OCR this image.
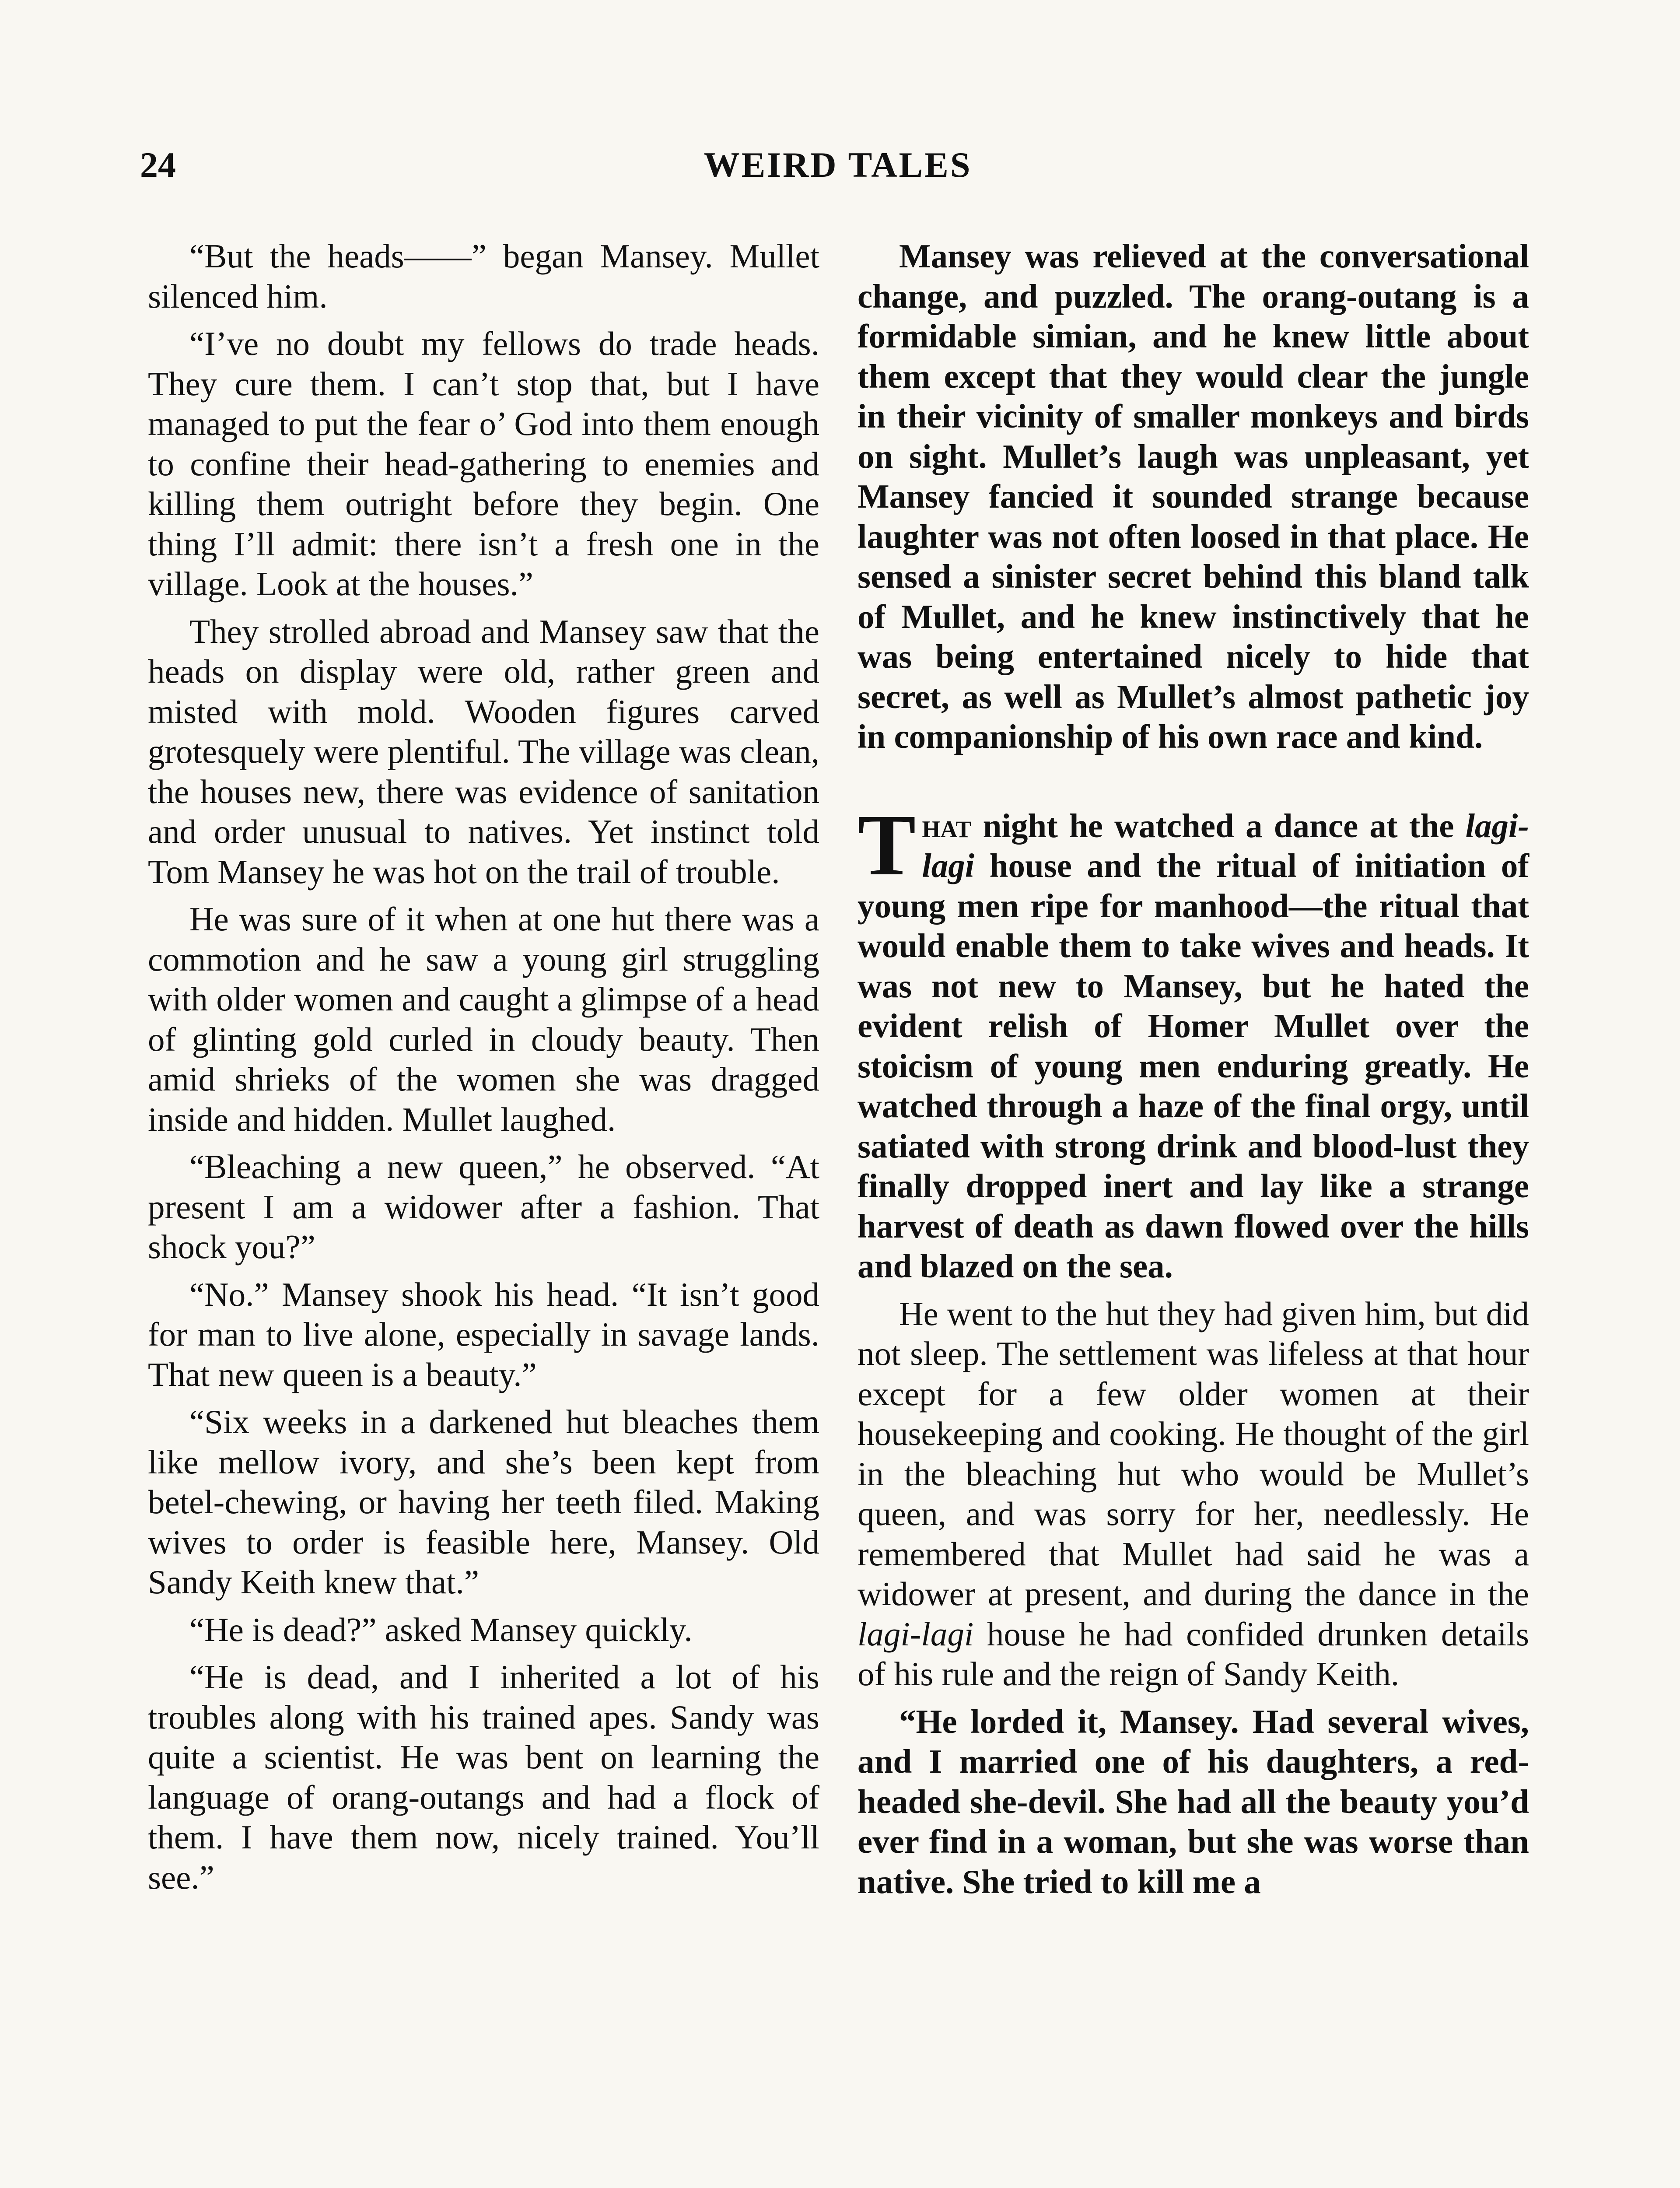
24	WEIRD TALES

“But the heads——” began Mansey. Mullet silenced him.

“I’ve no doubt my fellows do trade heads. They cure them. I can’t stop that, but I have managed to put the fear o’ God into them enough to confine their head-gathering to enemies and killing them outright before they begin. One thing I’ll admit: there isn’t a fresh one in the village. Look at the houses.”

They strolled abroad and Mansey saw that the heads on display were old, rather green and misted with mold. Wooden figures carved grotesquely were plentiful. The village was clean, the houses new, there was evidence of sanitation and order unusual to natives. Yet instinct told Tom Mansey he was hot on the trail of trouble.

He was sure of it when at one hut there was a commotion and he saw a young girl struggling with older women and caught a glimpse of a head of glinting gold curled in cloudy beauty. Then amid shrieks of the women she was dragged inside and hidden. Mullet laughed.

“Bleaching a new queen,” he observed. “At present I am a widower after a fashion. That shock you?”

“No.” Mansey shook his head. “It isn’t good for man to live alone, especially in savage lands. That new queen is a beauty.”

“Six weeks in a darkened hut bleaches them like mellow ivory, and she’s been kept from betel-chewing, or having her teeth filed. Making wives to order is feasible here, Mansey. Old Sandy Keith knew that.”

“He is dead?” asked Mansey quickly.

“He is dead, and I inherited a lot of his troubles along with his trained apes. Sandy was quite a scientist. He was bent on learning the language of orang-outangs and had a flock of them. I have them now, nicely trained. You’ll see.”

Mansey was relieved at the conversational change, and puzzled. The orang-outang is a formidable simian, and he knew little about them except that they would clear the jungle in their vicinity of smaller monkeys and birds on sight. Mullet’s laugh was unpleasant, yet Mansey fancied it sounded strange because laughter was not often loosed in that place. He sensed a sinister secret behind this bland talk of Mullet, and he knew instinctively that he was being entertained nicely to hide that secret, as well as Mullet’s almost pathetic joy in companionship of his own race and kind.

That night he watched a dance at the lagi-lagi house and the ritual of initiation of young men ripe for manhood—the ritual that would enable them to take wives and heads. It was not new to Mansey, but he hated the evident relish of Homer Mullet over the stoicism of young men enduring greatly. He watched through a haze of the final orgy, until satiated with strong drink and blood-lust they finally dropped inert and lay like a strange harvest of death as dawn flowed over the hills and blazed on the sea.

He went to the hut they had given him, but did not sleep. The settlement was lifeless at that hour except for a few older women at their housekeeping and cooking. He thought of the girl in the bleaching hut who would be Mullet’s queen, and was sorry for her, needlessly. He remembered that Mullet had said he was a widower at present, and during the dance in the lagi-lagi house he had confided drunken details of his rule and the reign of Sandy Keith.

“He lorded it, Mansey. Had several wives, and I married one of his daughters, a red-headed she-devil. She had all the beauty you’d ever find in a woman, but she was worse than native. She tried to kill me a
